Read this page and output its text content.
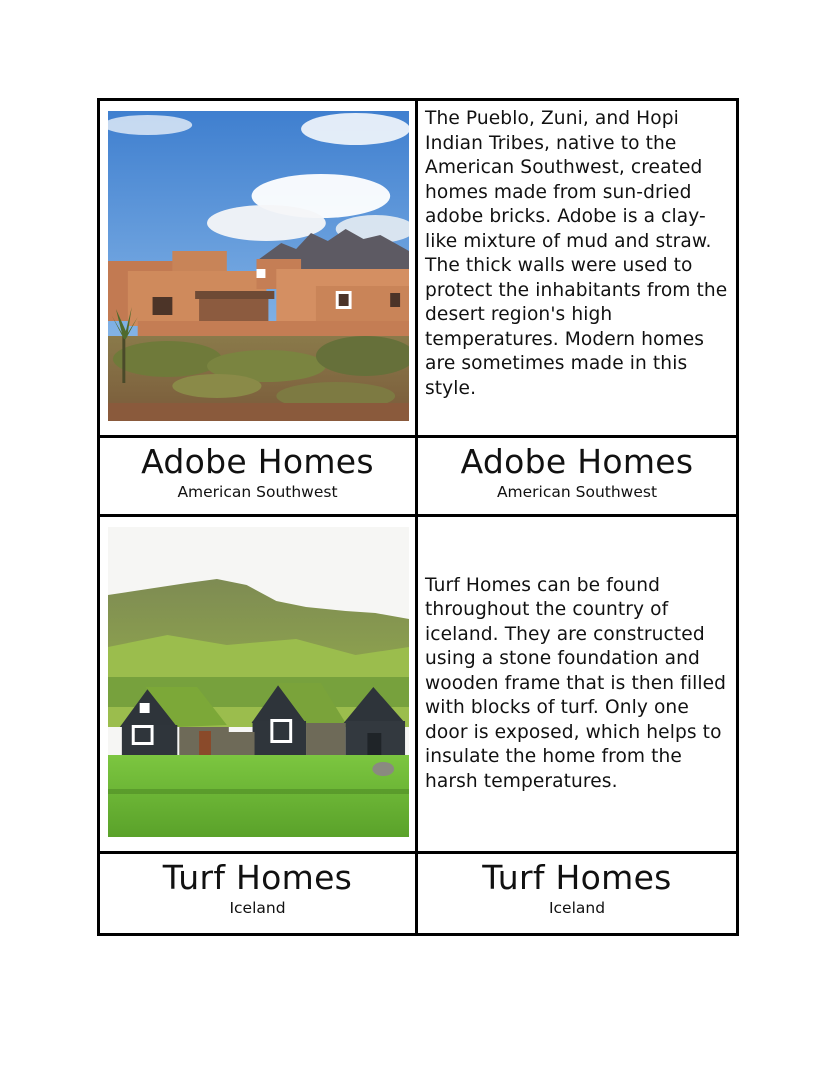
The Pueblo, Zuni, and Hopi Indian Tribes, native to the American Southwest, created homes made from sun-dried adobe bricks. Adobe is a clay-like mixture of mud and straw. The thick walls were used to protect the inhabitants from the desert region's high temperatures. Modern homes are sometimes made in this style.
Adobe Homes
American Southwest
Adobe Homes
American Southwest
Turf Homes can be found throughout the country of iceland. They are constructed using a stone foundation and wooden frame that is then filled with blocks of turf. Only one door is exposed, which helps to insulate the home from the harsh temperatures.
Turf Homes
Iceland
Turf Homes
Iceland
